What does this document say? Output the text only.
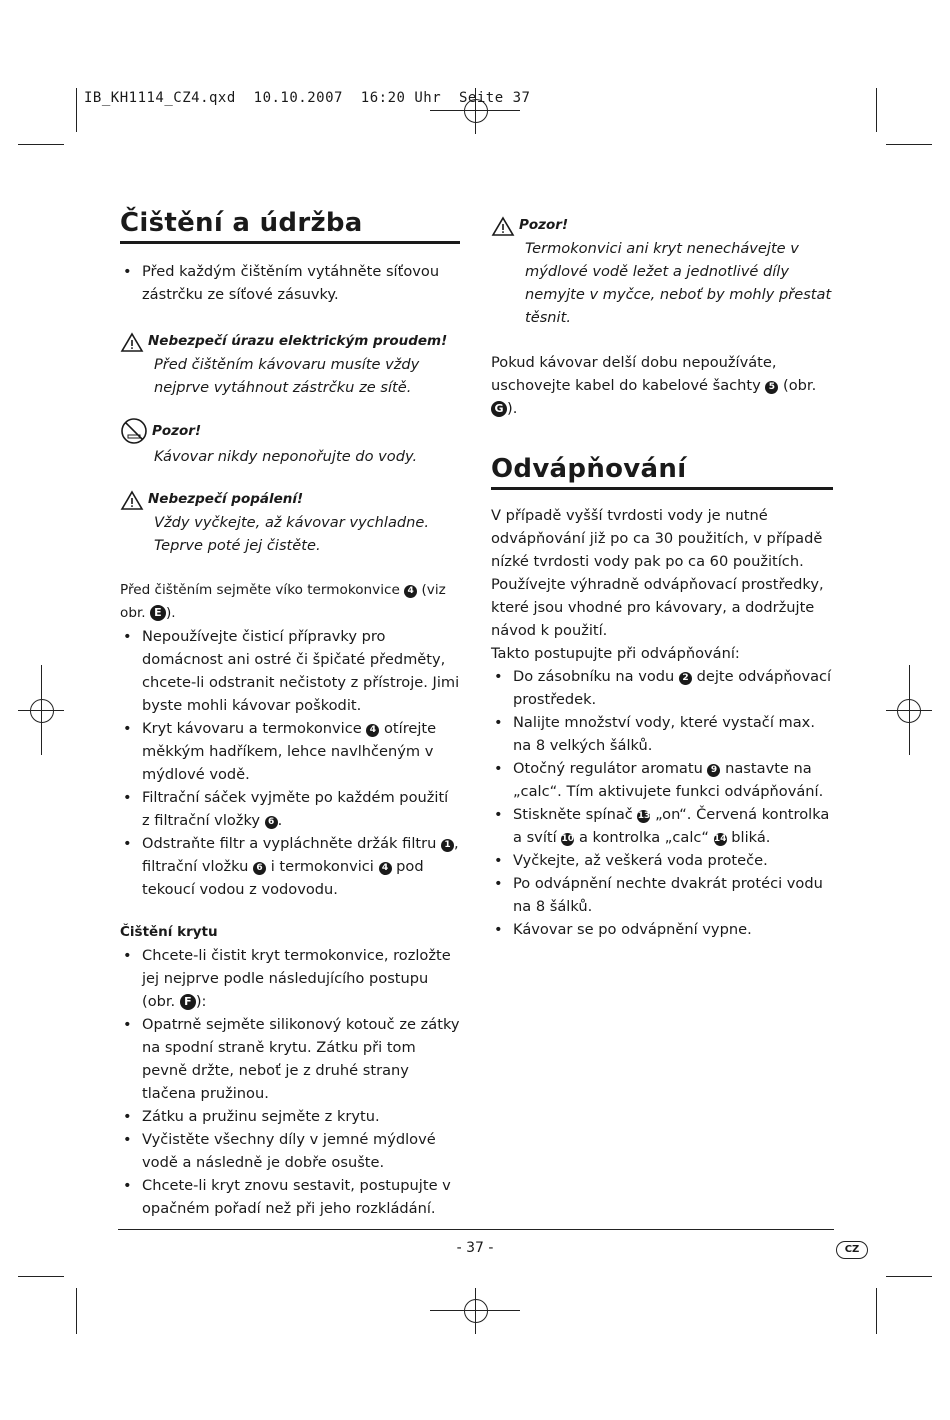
IB_KH1114_CZ4.qxd  10.10.2007  16:20 Uhr  Seite 37
Čištění a údržba
• Před každým čištěním vytáhněte síťovou zástrčku ze síťové zásuvky.
Nebezpečí úrazu elektrickým proudem!
Před čištěním kávovaru musíte vždy nejprve vytáhnout zástrčku ze sítě.
Pozor!
Kávovar nikdy neponořujte do vody.
Nebezpečí popálení!
Vždy vyčkejte, až kávovar vychladne.
Teprve poté jej čistěte.
Před čištěním sejměte víko termokonvice 4 (viz obr. E ).
• Nepoužívejte čisticí přípravky pro domácnost ani ostré či špičaté předměty, chcete-li odstranit nečistoty z přístroje. Jimi byste mohli kávovar poškodit.
• Kryt kávovaru a termokonvice 4 otírejte měkkým hadříkem, lehce navlhčeným v mýdlové vodě.
• Filtrační sáček vyjměte po každém použití z filtrační vložky 6 .
• Odstraňte filtr a vypláchněte držák filtru 1 , filtrační vložku 6 i termokonvici 4 pod tekoucí vodou z vodovodu.
Čištění krytu
• Chcete-li čistit kryt termokonvice, rozložte jej nejprve podle následujícího postupu (obr. F ):
• Opatrně sejměte silikonový kotouč ze zátky na spodní straně krytu. Zátku při tom pevně držte, neboť je z druhé strany tlačena pružinou.
• Zátku a pružinu sejměte z krytu.
• Vyčistěte všechny díly v jemné mýdlové vodě a následně je dobře osušte.
• Chcete-li kryt znovu sestavit, postupujte v opačném pořadí než při jeho rozkládání.
Pozor!
Termokonvici ani kryt nenechávejte v mýdlové vodě ležet a jednotlivé díly nemyjte v myčce, neboť by mohly přestat těsnit.
Pokud kávovar delší dobu nepoužíváte, uschovejte kabel do kabelové šachty 5 (obr. G ).
Odvápňování
V případě vyšší tvrdosti vody je nutné odvápňování již po ca 30 použitích, v případě nízké tvrdosti vody pak po ca 60 použitích.
Používejte výhradně odvápňovací prostředky, které jsou vhodné pro kávovary, a dodržujte návod k použití.
Takto postupujte při odvápňování:
• Do zásobníku na vodu 2 dejte odvápňovací prostředek.
• Nalijte množství vody, které vystačí max. na 8 velkých šálků.
• Otočný regulátor aromatu 9 nastavte na „calc“. Tím aktivujete funkci odvápňování.
• Stiskněte spínač 13 „on“. Červená kontrolka a svítí 10 a kontrolka „calc“ 14 bliká.
• Vyčkejte, až veškerá voda proteče.
• Po odvápnění nechte dvakrát protéci vodu na 8 šálků.
• Kávovar se po odvápnění vypne.
- 37 -	CZ
